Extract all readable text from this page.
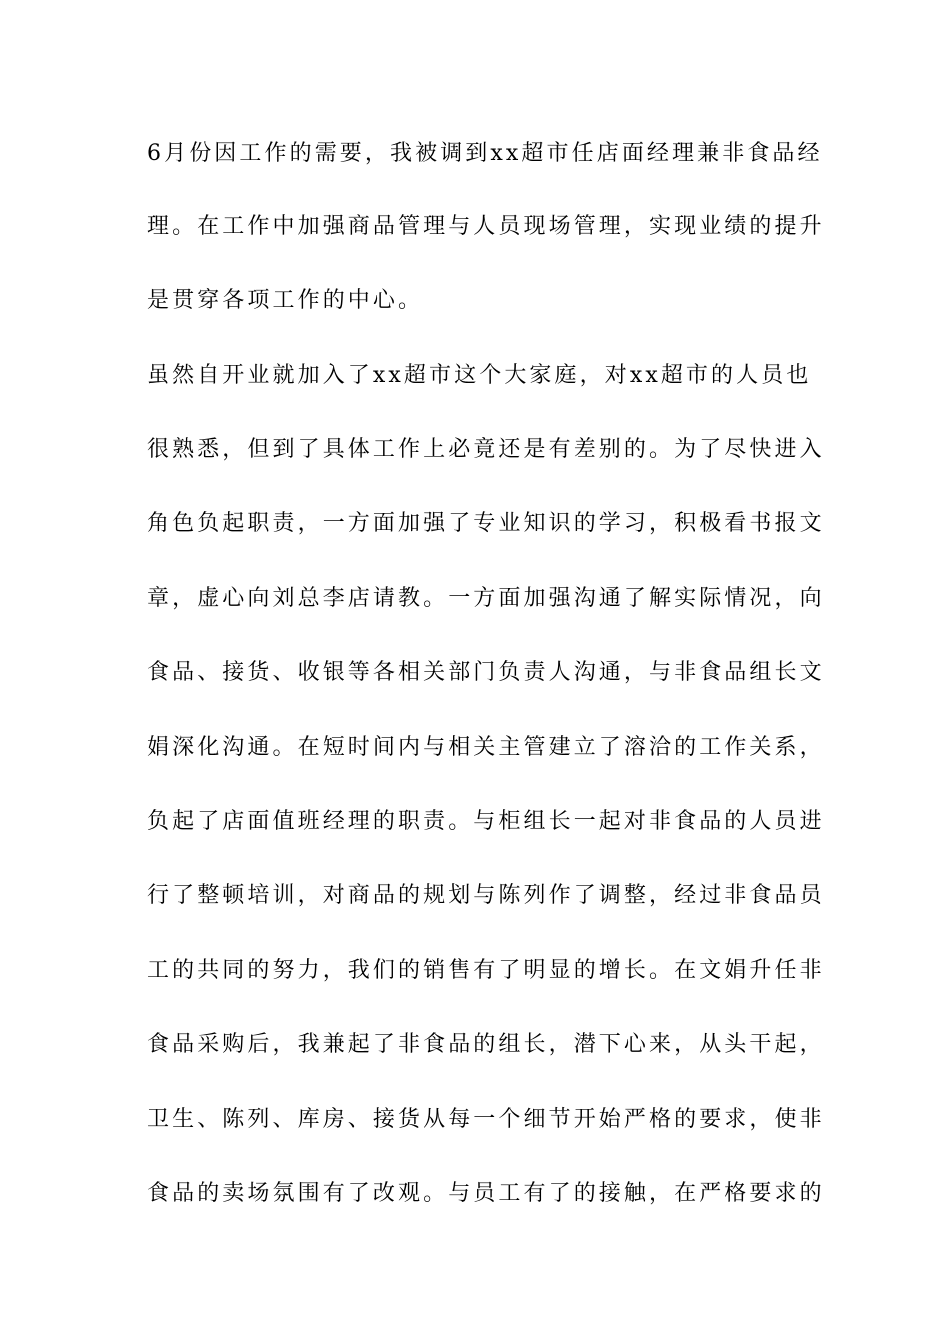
6月份因工作的需要，我被调到xx超市任店面经理兼非食品经
理。在工作中加强商品管理与人员现场管理，实现业绩的提升
是贯穿各项工作的中心。
虽然自开业就加入了xx超市这个大家庭，对xx超市的人员也
很熟悉，但到了具体工作上必竟还是有差别的。为了尽快进入
角色负起职责，一方面加强了专业知识的学习，积极看书报文
章，虚心向刘总李店请教。一方面加强沟通了解实际情况，向
食品、接货、收银等各相关部门负责人沟通，与非食品组长文
娟深化沟通。在短时间内与相关主管建立了溶洽的工作关系，
负起了店面值班经理的职责。与柜组长一起对非食品的人员进
行了整顿培训，对商品的规划与陈列作了调整，经过非食品员
工的共同的努力，我们的销售有了明显的增长。在文娟升任非
食品采购后，我兼起了非食品的组长，潜下心来，从头干起，
卫生、陈列、库房、接货从每一个细节开始严格的要求，使非
食品的卖场氛围有了改观。与员工有了的接触，在严格要求的
